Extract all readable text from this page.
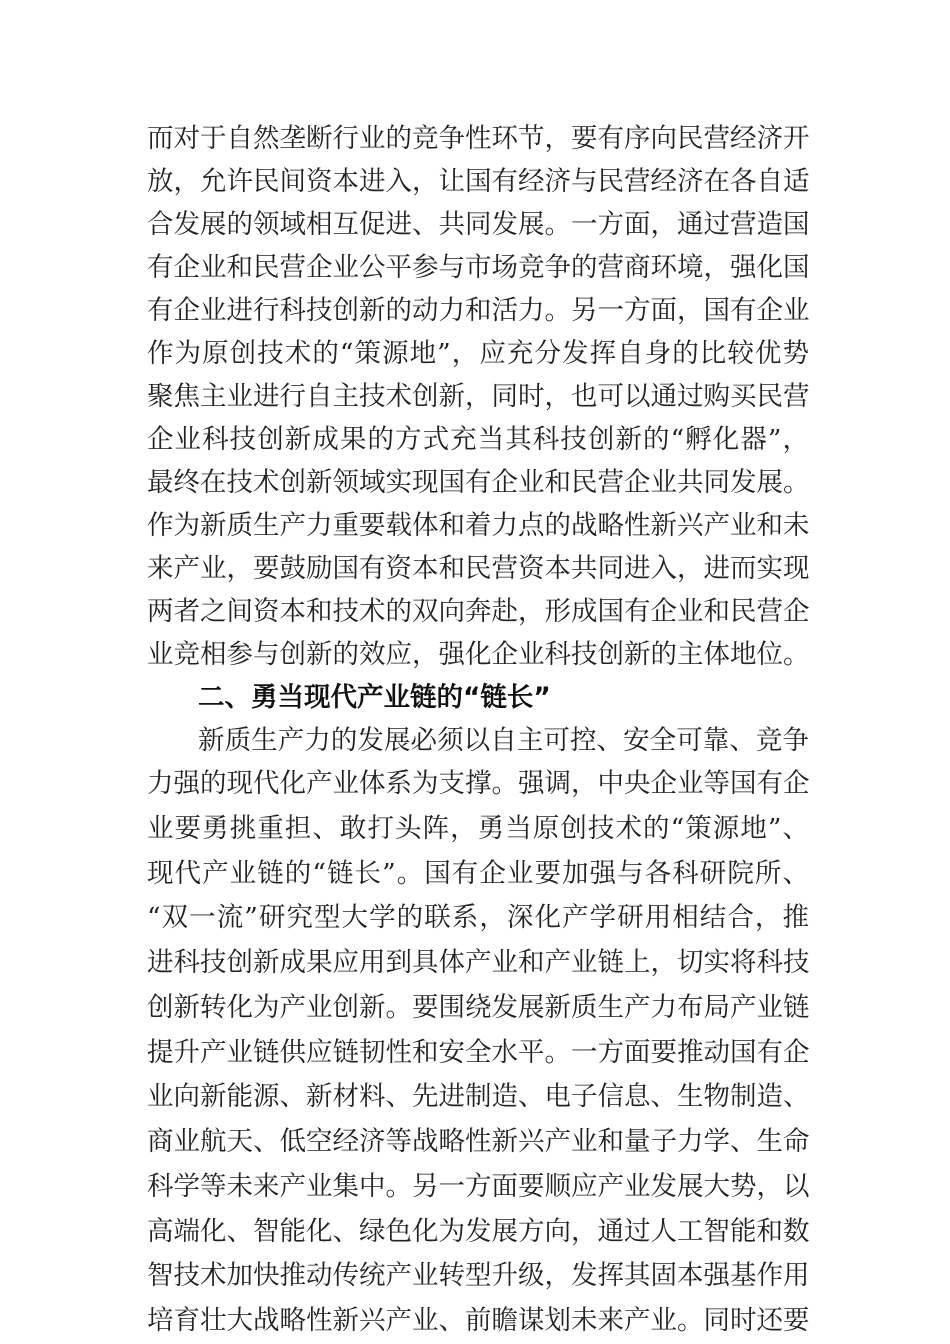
而对于自然垄断行业的竞争性环节，要有序向民营经济开
放，允许民间资本进入，让国有经济与民营经济在各自适
合发展的领域相互促进、共同发展。一方面，通过营造国
有企业和民营企业公平参与市场竞争的营商环境，强化国
有企业进行科技创新的动力和活力。另一方面，国有企业
作为原创技术的“策源地”，应充分发挥自身的比较优势
聚焦主业进行自主技术创新，同时，也可以通过购买民营
企业科技创新成果的方式充当其科技创新的“孵化器”，
最终在技术创新领域实现国有企业和民营企业共同发展。
作为新质生产力重要载体和着力点的战略性新兴产业和未
来产业，要鼓励国有资本和民营资本共同进入，进而实现
两者之间资本和技术的双向奔赴，形成国有企业和民营企
业竞相参与创新的效应，强化企业科技创新的主体地位。
二、勇当现代产业链的“链长”
新质生产力的发展必须以自主可控、安全可靠、竞争
力强的现代化产业体系为支撑。强调，中央企业等国有企
业要勇挑重担、敢打头阵，勇当原创技术的“策源地”、
现代产业链的“链长”。国有企业要加强与各科研院所、
“双一流”研究型大学的联系，深化产学研用相结合，推
进科技创新成果应用到具体产业和产业链上，切实将科技
创新转化为产业创新。要围绕发展新质生产力布局产业链
提升产业链供应链韧性和安全水平。一方面要推动国有企
业向新能源、新材料、先进制造、电子信息、生物制造、
商业航天、低空经济等战略性新兴产业和量子力学、生命
科学等未来产业集中。另一方面要顺应产业发展大势，以
高端化、智能化、绿色化为发展方向，通过人工智能和数
智技术加快推动传统产业转型升级，发挥其固本强基作用
培育壮大战略性新兴产业、前瞻谋划未来产业。同时还要
